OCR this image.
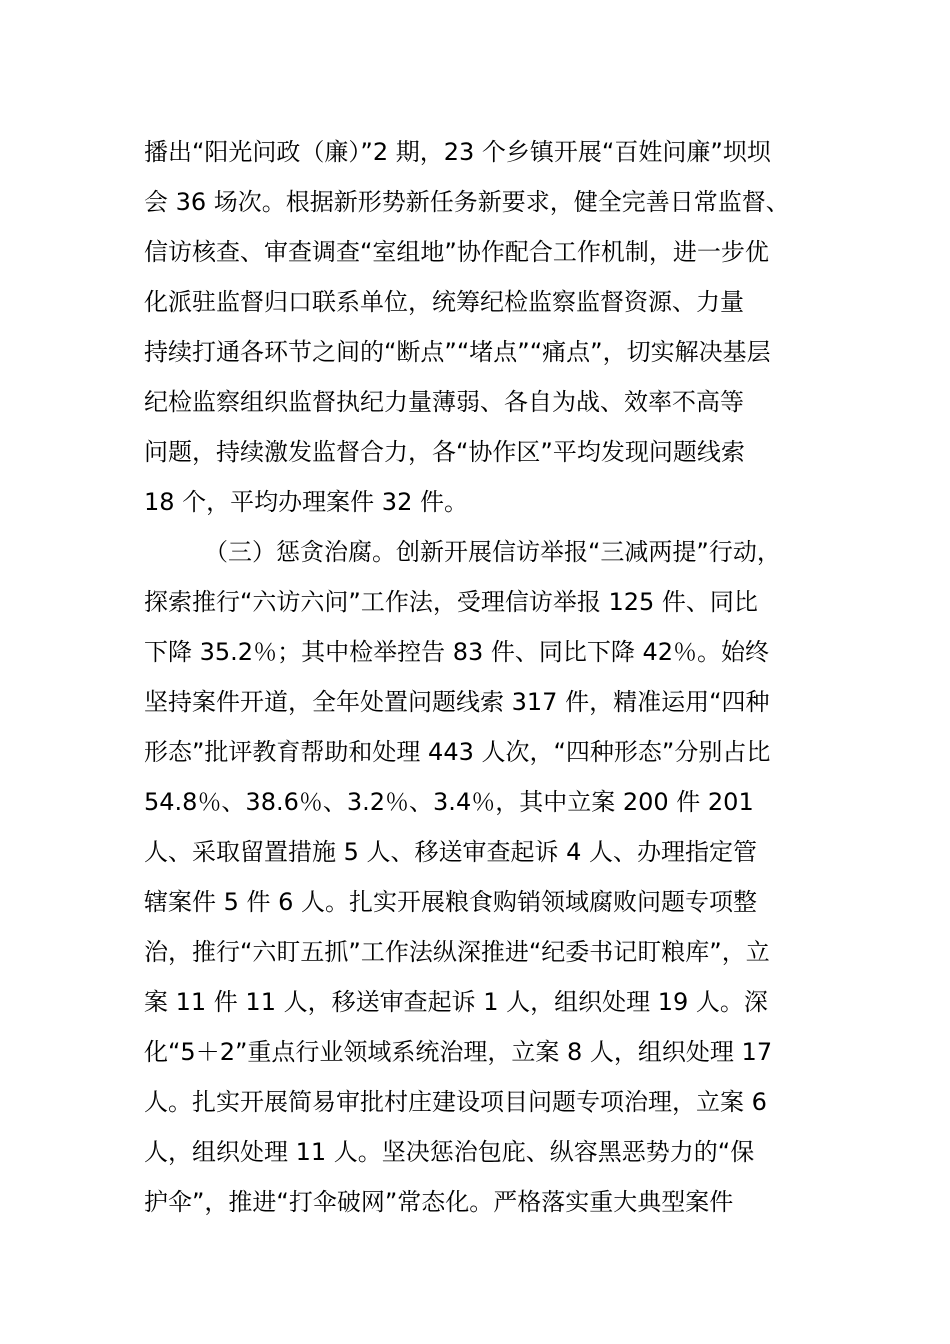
播出“阳光问政（廉）”2 期，23 个乡镇开展“百姓问廉”坝坝
会 36 场次。根据新形势新任务新要求，健全完善日常监督、
信访核查、审查调查“室组地”协作配合工作机制，进一步优
化派驻监督归口联系单位，统筹纪检监察监督资源、力量
持续打通各环节之间的“断点”“堵点”“痛点”，切实解决基层
纪检监察组织监督执纪力量薄弱、各自为战、效率不高等
问题，持续激发监督合力，各“协作区”平均发现问题线索
18 个，平均办理案件 32 件。
（三）惩贪治腐。创新开展信访举报“三减两提”行动，
探索推行“六访六问”工作法，受理信访举报 125 件、同比
下降 35.2％；其中检举控告 83 件、同比下降 42％。始终
坚持案件开道，全年处置问题线索 317 件，精准运用“四种
形态”批评教育帮助和处理 443 人次，“四种形态”分别占比
54.8％、38.6％、3.2％、3.4％，其中立案 200 件 201
人、采取留置措施 5 人、移送审查起诉 4 人、办理指定管
辖案件 5 件 6 人。扎实开展粮食购销领域腐败问题专项整
治，推行“六盯五抓”工作法纵深推进“纪委书记盯粮库”，立
案 11 件 11 人，移送审查起诉 1 人，组织处理 19 人。深
化“5＋2”重点行业领域系统治理，立案 8 人，组织处理 17
人。扎实开展简易审批村庄建设项目问题专项治理，立案 6
人，组织处理 11 人。坚决惩治包庇、纵容黑恶势力的“保
护伞”，推进“打伞破网”常态化。严格落实重大典型案件
